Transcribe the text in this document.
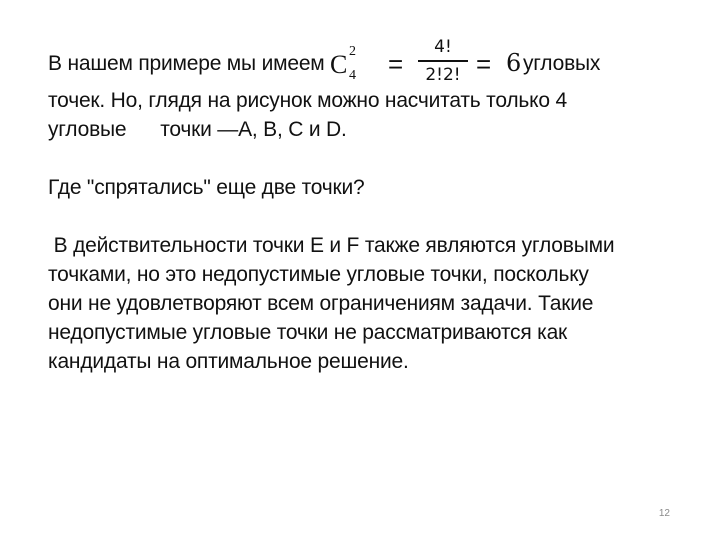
В нашем примере мы имеем C 2
4 =
4!
2!2! = 6 угловых
точек. Но, глядя на рисунок можно насчитать только 4
угловые      точки —A, B, C и D.
Где "спрятались" еще две точки?
В действительности точки E и F также являются угловыми
точками, но это недопустимые угловые точки, поскольку
они не удовлетворяют всем ограничениям задачи. Такие
недопустимые угловые точки не рассматриваются как
кандидаты на оптимальное решение.
12
